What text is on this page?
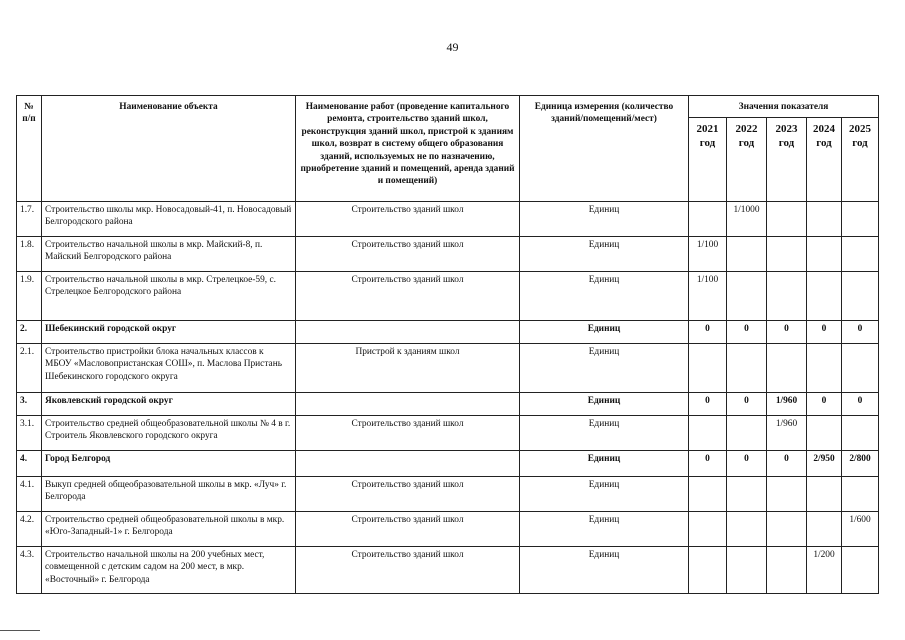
49
№ п/п	Наименование объекта	Наименование работ (проведение капитального ремонта, строительство зданий школ, реконструкция зданий школ, пристрой к зданиям школ, возврат в систему общего образования зданий, используемых не по назначению, приобретение зданий и помещений, аренда зданий и помещений)	Единица измерения (количество зданий/помещений/мест)	Значения показателя				
				2021 год	2022 год	2023 год	2024 год	2025 год
1.7.	Строительство школы мкр. Новосадовый-41, п. Новосадовый Белгородского района	Строительство зданий школ	Единиц		1/1000			
1.8.	Строительство начальной школы в мкр. Майский-8, п. Майский Белгородского района	Строительство зданий школ	Единиц	1/100				
1.9.	Строительство начальной школы в мкр. Стрелецкое-59, с. Стрелецкое Белгородского района	Строительство зданий школ	Единиц	1/100				
2.	Шебекинский городской округ		Единиц	0	0	0	0	0
2.1.	Строительство пристройки блока начальных классов к МБОУ «Масловопристанская СОШ», п. Маслова Пристань Шебекинского городского округа	Пристрой к зданиям школ	Единиц					
3.	Яковлевский городской округ		Единиц	0	0	1/960	0	0
3.1.	Строительство средней общеобразовательной школы № 4 в г. Строитель Яковлевского городского округа	Строительство зданий школ	Единиц			1/960		
4.	Город Белгород		Единиц	0	0	0	2/950	2/800
4.1.	Выкуп средней общеобразовательной школы в мкр. «Луч» г. Белгорода	Строительство зданий школ	Единиц					
4.2.	Строительство средней общеобразовательной школы в мкр. «Юго-Западный-1» г. Белгорода	Строительство зданий школ	Единиц					1/600
4.3.	Строительство начальной школы на 200 учебных мест, совмещенной с детским садом на 200 мест, в мкр. «Восточный» г. Белгорода	Строительство зданий школ	Единиц				1/200	
